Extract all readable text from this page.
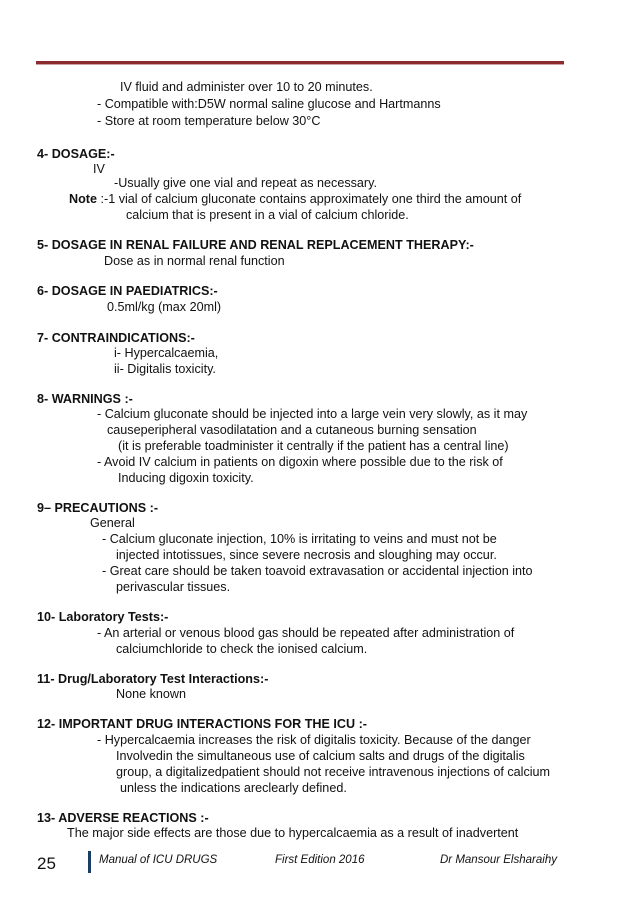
IV fluid and administer over 10 to 20 minutes.
- Compatible with:D5W normal saline glucose and Hartmanns
- Store at room temperature below 30°C
4- DOSAGE:-
IV
-Usually give one vial and repeat as necessary.
Note :-1 vial of calcium gluconate contains approximately one third the amount of
calcium that is present in a vial of calcium chloride.
5- DOSAGE IN RENAL FAILURE AND RENAL REPLACEMENT THERAPY:-
Dose as in normal renal function
6- DOSAGE IN PAEDIATRICS:-
0.5ml/kg (max 20ml)
7- CONTRAINDICATIONS:-
i- Hypercalcaemia,
ii- Digitalis toxicity.
8- WARNINGS :-
- Calcium gluconate should be injected into a large vein very slowly, as it may
causeperipheral vasodilatation and a cutaneous burning sensation
(it is preferable toadminister it centrally if the patient has a central line)
- Avoid IV calcium in patients on digoxin where possible due to the risk of
Inducing digoxin toxicity.
9– PRECAUTIONS :-
General
- Calcium gluconate injection, 10% is irritating to veins and must not be
injected intotissues, since severe necrosis and sloughing may occur.
- Great care should be taken toavoid extravasation or accidental injection into
perivascular tissues.
10- Laboratory Tests:-
- An arterial or venous blood gas should be repeated after administration of
calciumchloride to check the ionised calcium.
11- Drug/Laboratory Test Interactions:-
None known
12- IMPORTANT DRUG INTERACTIONS FOR THE ICU :-
- Hypercalcaemia increases the risk of digitalis toxicity. Because of the danger
Involvedin the simultaneous use of calcium salts and drugs of the digitalis
group, a digitalizedpatient should not receive intravenous injections of calcium
unless the indications areclearly defined.
13- ADVERSE REACTIONS :-
The major side effects are those due to hypercalcaemia as a result of inadvertent
25	Manual of ICU DRUGS	First Edition 2016	Dr Mansour Elsharaihy
